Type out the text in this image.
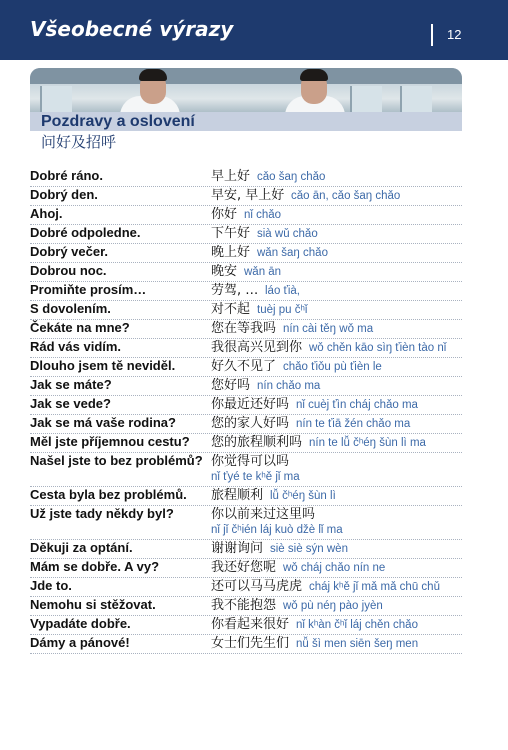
Všeobecné výrazy	12
Pozdravy a oslovení
问好及招呼
Dobré ráno.	早上好 cǎo šaŋ chǎo
Dobrý den.	早安, 早上好 cǎo ān, cǎo šaŋ chǎo
Ahoj.	你好 nǐ chǎo
Dobré odpoledne.	下午好 sià wǔ chǎo
Dobrý večer.	晚上好 wǎn šaŋ chǎo
Dobrou noc.	晚安 wǎn ān
Promiňte prosím…	劳驾, … láo ťià,
S dovolením.	对不起 tuèj pu čʰǐ
Čekáte na mne?	您在等我吗 nín cài těŋ wǒ ma
Rád vás vidím.	我很高兴见到你 wǒ chěn kāo sìŋ ťièn tào nǐ
Dlouho jsem tě neviděl.	好久不见了 chǎo ťiǒu pù ťièn le
Jak se máte?	您好吗 nín chǎo ma
Jak se vede?	你最近还好吗 nǐ cuèj ťìn cháj chǎo ma
Jak se má vaše rodina?	您的家人好吗 nín te ťiā žén chǎo ma
Měl jste příjemnou cestu?	您的旅程顺利吗 nín te lǚ čʰéŋ šùn lì ma
Našel jste to bez problémů? 你觉得可以吗
nǐ ťyé te kʰě jǐ ma
Cesta byla bez problémů.	旅程顺利 lǚ čʰéŋ šùn lì
Už jste tady někdy byl?	你以前来过这里吗
nǐ jǐ čʰién láj kuò džè lǐ ma
Děkuji za optání.	谢谢询问 siè siè sýn wèn
Mám se dobře. A vy?	我还好您呢 wǒ cháj chǎo nín ne
Jde to.	还可以马马虎虎 cháj kʰě jǐ mǎ mǎ chū chǔ
Nemohu si stěžovat.	我不能抱怨 wǒ pù néŋ pào jyèn
Vypadáte dobře.	你看起来很好 nǐ kʰàn čʰǐ láj chěn chǎo
Dámy a pánové!	女士们先生们 nǚ šì men siēn šeŋ men
